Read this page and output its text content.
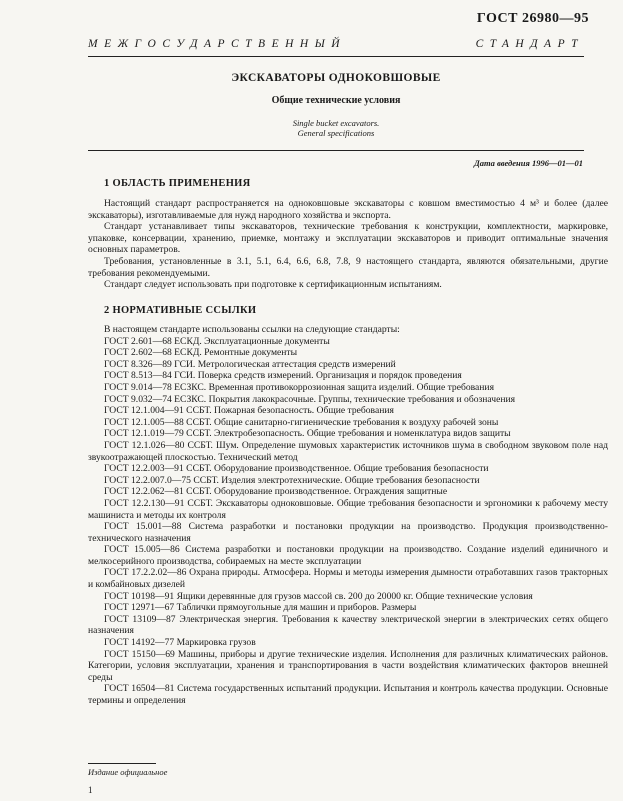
ГОСТ 26980—95
МЕЖГОСУДАРСТВЕННЫЙ	СТАНДАРТ
ЭКСКАВАТОРЫ ОДНОКОВШОВЫЕ
Общие технические условия
Single bucket excavators.
General specifications
Дата введения 1996—01—01
1 ОБЛАСТЬ ПРИМЕНЕНИЯ

Настоящий стандарт распространяется на одноковшовые экскаваторы с ковшом вместимостью 4 м³ и более (далее экскаваторы), изготавливаемые для нужд народного хозяйства и экспорта.

Стандарт устанавливает типы экскаваторов, технические требования к конструкции, комплектности, маркировке, упаковке, консервации, хранению, приемке, монтажу и эксплуатации экскаваторов и приводит оптимальные значения основных параметров.

Требования, установленные в 3.1, 5.1, 6.4, 6.6, 6.8, 7.8, 9 настоящего стандарта, являются обязательными, другие требования рекомендуемыми.

Стандарт следует использовать при подготовке к сертификационным испытаниям.

2 НОРМАТИВНЫЕ ССЫЛКИ

В настоящем стандарте использованы ссылки на следующие стандарты:

ГОСТ 2.601—68 ЕСКД. Эксплуатационные документы

ГОСТ 2.602—68 ЕСКД. Ремонтные документы

ГОСТ 8.326—89 ГСИ. Метрологическая аттестация средств измерений

ГОСТ 8.513—84 ГСИ. Поверка средств измерений. Организация и порядок проведения

ГОСТ 9.014—78 ЕСЗКС. Временная противокоррозионная защита изделий. Общие требования

ГОСТ 9.032—74 ЕСЗКС. Покрытия лакокрасочные. Группы, технические требования и обозначения

ГОСТ 12.1.004—91 ССБТ. Пожарная безопасность. Общие требования

ГОСТ 12.1.005—88 ССБТ. Общие санитарно-гигиенические требования к воздуху рабочей зоны

ГОСТ 12.1.019—79 ССБТ. Электробезопасность. Общие требования и номенклатура видов защиты

ГОСТ 12.1.026—80 ССБТ. Шум. Определение шумовых характеристик источников шума в свободном звуковом поле над звукоотражающей плоскостью. Технический метод

ГОСТ 12.2.003—91 ССБТ. Оборудование производственное. Общие требования безопасности

ГОСТ 12.2.007.0—75 ССБТ. Изделия электротехнические. Общие требования безопасности

ГОСТ 12.2.062—81 ССБТ. Оборудование производственное. Ограждения защитные

ГОСТ 12.2.130—91 ССБТ. Экскаваторы одноковшовые. Общие требования безопасности и эргономики к рабочему месту машиниста и методы их контроля

ГОСТ 15.001—88 Система разработки и постановки продукции на производство. Продукция производственно-технического назначения

ГОСТ 15.005—86 Система разработки и постановки продукции на производство. Создание изделий единичного и мелкосерийного производства, собираемых на месте эксплуатации

ГОСТ 17.2.2.02—86 Охрана природы. Атмосфера. Нормы и методы измерения дымности отработавших газов тракторных и комбайновых дизелей

ГОСТ 10198—91 Ящики деревянные для грузов массой св. 200 до 20000 кг. Общие технические условия

ГОСТ 12971—67 Таблички прямоугольные для машин и приборов. Размеры

ГОСТ 13109—87 Электрическая энергия. Требования к качеству электрической энергии в электрических сетях общего назначения

ГОСТ 14192—77 Маркировка грузов

ГОСТ 15150—69 Машины, приборы и другие технические изделия. Исполнения для различных климатических районов. Категории, условия эксплуатации, хранения и транспортирования в части воздействия климатических факторов внешней среды

ГОСТ 16504—81 Система государственных испытаний продукции. Испытания и контроль качества продукции. Основные термины и определения

Издание официальное
1
